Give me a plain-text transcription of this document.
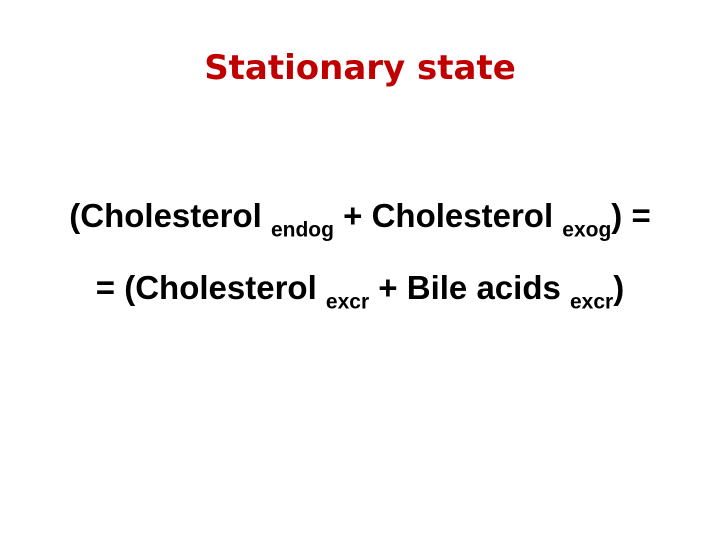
Stationary state
(Cholesterol $_{endog}$ + Cholesterol $_{exog}$) =
= (Cholesterol $_{excr}$ + Bile acids $_{excr}$)
